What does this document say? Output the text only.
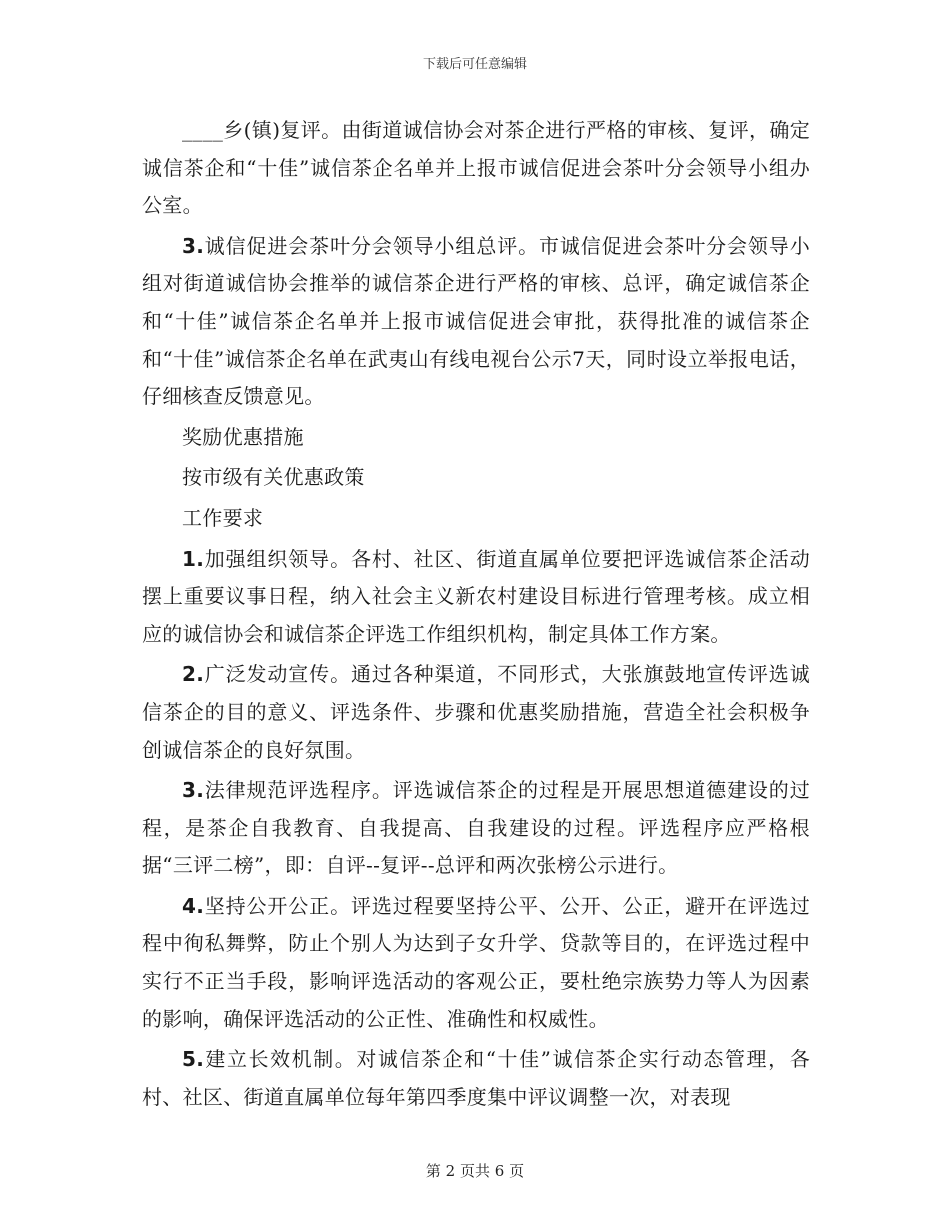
下载后可任意编辑

____乡(镇)复评。由街道诚信协会对茶企进行严格的审核、复评，确定诚信茶企和“十佳”诚信茶企名单并上报市诚信促进会茶叶分会领导小组办公室。

3.诚信促进会茶叶分会领导小组总评。市诚信促进会茶叶分会领导小组对街道诚信协会推举的诚信茶企进行严格的审核、总评，确定诚信茶企和“十佳”诚信茶企名单并上报市诚信促进会审批，获得批准的诚信茶企和“十佳”诚信茶企名单在武夷山有线电视台公示7天，同时设立举报电话，仔细核查反馈意见。

奖励优惠措施

按市级有关优惠政策

工作要求

1.加强组织领导。各村、社区、街道直属单位要把评选诚信茶企活动摆上重要议事日程，纳入社会主义新农村建设目标进行管理考核。成立相应的诚信协会和诚信茶企评选工作组织机构，制定具体工作方案。

2.广泛发动宣传。通过各种渠道，不同形式，大张旗鼓地宣传评选诚信茶企的目的意义、评选条件、步骤和优惠奖励措施，营造全社会积极争创诚信茶企的良好氛围。

3.法律规范评选程序。评选诚信茶企的过程是开展思想道德建设的过程，是茶企自我教育、自我提高、自我建设的过程。评选程序应严格根据“三评二榜”，即：自评--复评--总评和两次张榜公示进行。

4.坚持公开公正。评选过程要坚持公平、公开、公正，避开在评选过程中徇私舞弊，防止个别人为达到子女升学、贷款等目的，在评选过程中实行不正当手段，影响评选活动的客观公正，要杜绝宗族势力等人为因素的影响，确保评选活动的公正性、准确性和权威性。

5.建立长效机制。对诚信茶企和“十佳”诚信茶企实行动态管理，各村、社区、街道直属单位每年第四季度集中评议调整一次，对表现

第 2 页共 6 页
